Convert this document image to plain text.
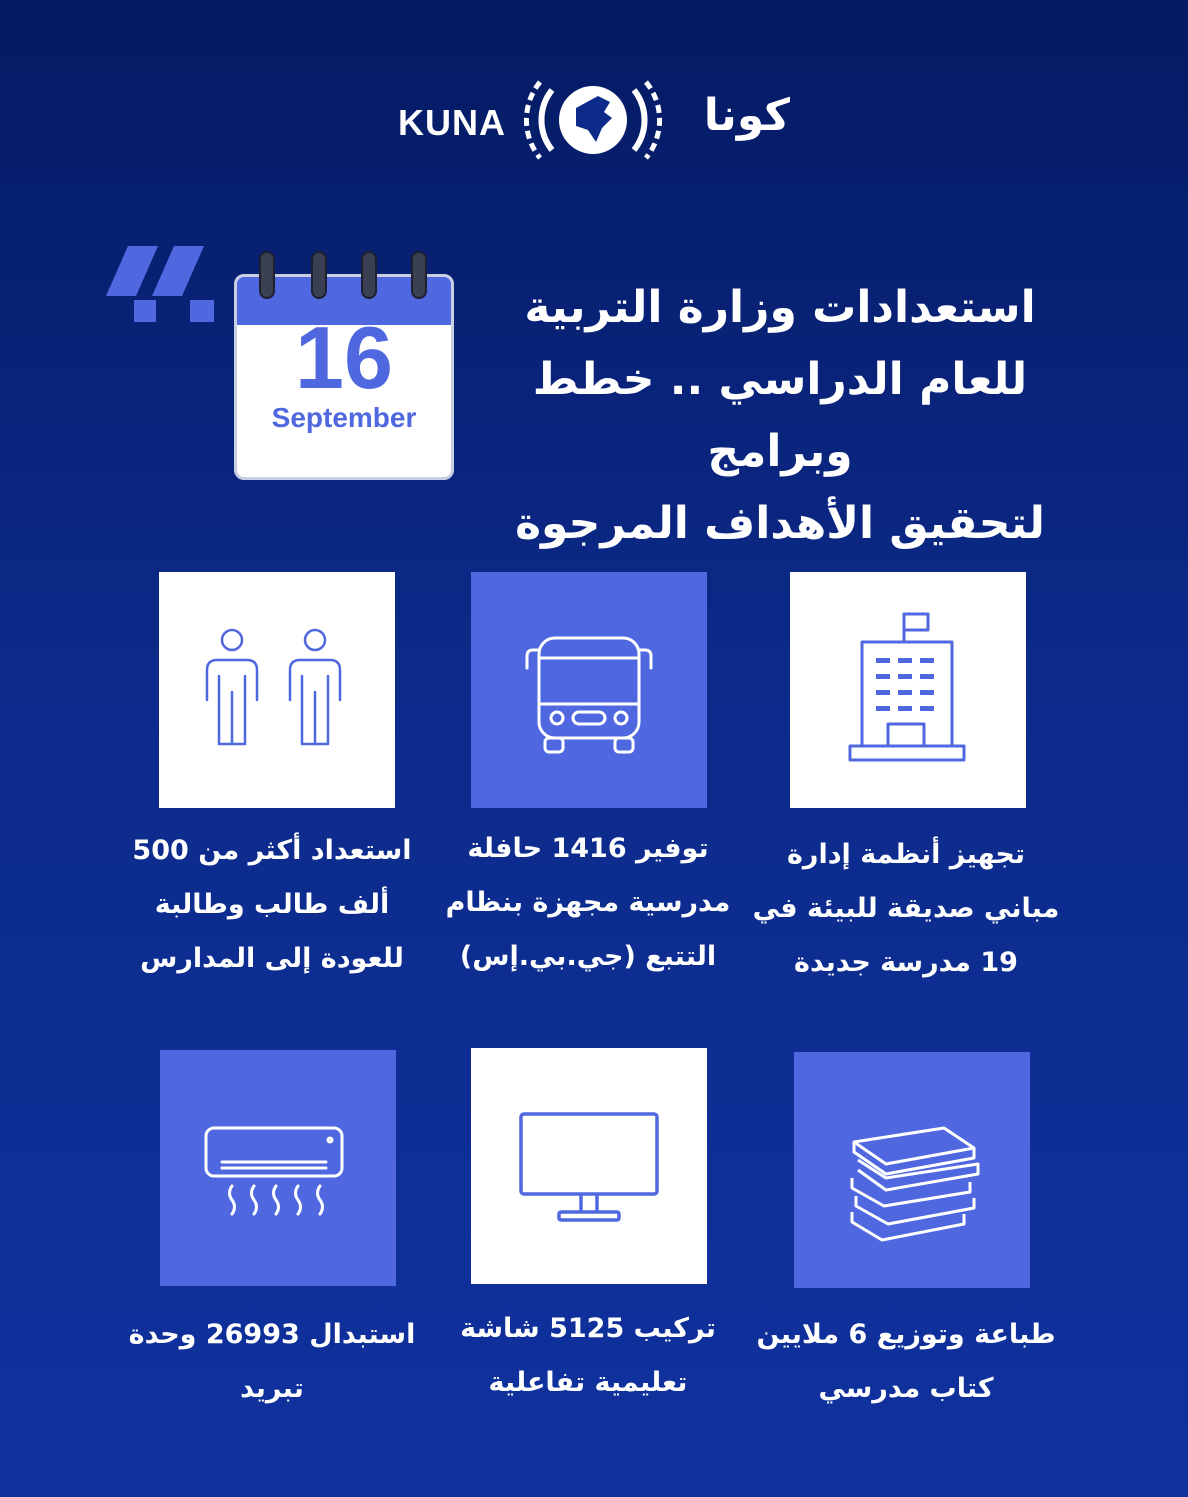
KUNA	كونا
16
September
استعدادات وزارة التربية
للعام الدراسي .. خطط وبرامج
لتحقيق الأهداف المرجوة
استعداد أكثر من 500
ألف طالب وطالبة
للعودة إلى المدارس
توفير 1416 حافلة
مدرسية مجهزة بنظام
التتبع (جي.بي.إس)
تجهيز أنظمة إدارة
مباني صديقة للبيئة في
19 مدرسة جديدة
استبدال 26993 وحدة
تبريد
تركيب 5125 شاشة
تعليمية تفاعلية
طباعة وتوزيع 6 ملايين
كتاب مدرسي
